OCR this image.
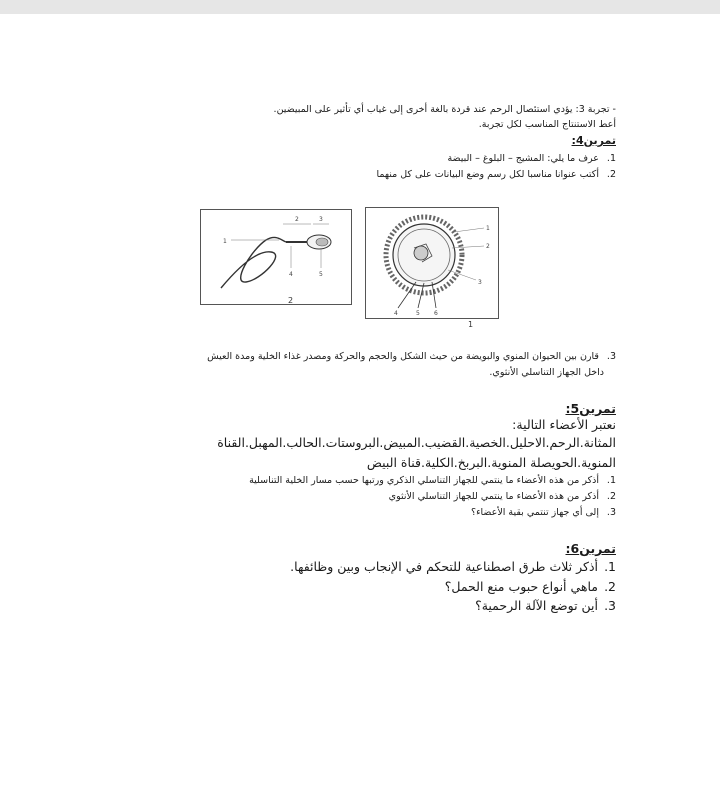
- تجربة 3: يؤدي استئصال الرحم عند قردة بالغة أخرى إلى غياب أي تأثير على المبيضين.
أعط الاستنتاج المناسب لكل تجربة.
تمرين4:
1. عرف ما يلي: المشيج – البلوغ – البيضة
2. أكتب عنوانا مناسبا لكل رسم وضع البيانات على كل منهما
1
2	3
4	5
2
1
2
3
4	5 6
1
3. قارن بين الحيوان المنوي والبويضة من حيث الشكل والحجم والحركة ومصدر غذاء الخلية ومدة العيش
داخل الجهاز التناسلي الأنثوي.
تمرين5:
نعتبر الأعضاء التالية:
المثانة.الرحم.الاحليل.الخصية.القضيب.المبيض.البروستات.الحالب.المهبل.القناة
المنوية.الحويصلة المنوية.البربخ.الكلية.قناة البيض
1. أذكر من هذه الأعضاء ما ينتمي للجهاز التناسلي الذكري ورتبها حسب مسار الخلية التناسلية
2. أذكر من هذه الأعضاء ما ينتمي للجهاز التناسلي الأنثوي
3. إلى أي جهاز تنتمي بقية الأعضاء؟
تمرين6:
1. أذكر ثلاث طرق اصطناعية للتحكم في الإنجاب وبين وظائفها.
2. ماهي أنواع حبوب منع الحمل؟
3. أين توضع الآلة الرحمية؟
